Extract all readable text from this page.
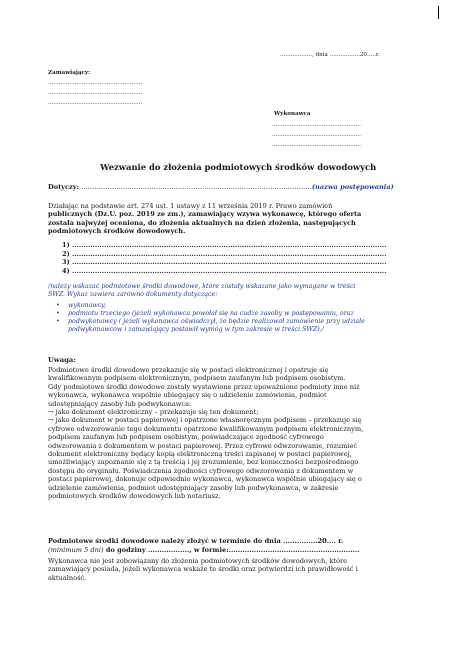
.................., dnia .................20.....r.
Zamawiający:
.....................................................
.....................................................
.....................................................
Wykonawca
..................................................
..................................................
..................................................
Wezwanie do złożenia podmiotowych środków dowodowych
Dotyczy: ……………………………………………………………………………………………(nazwa postępowania)
Działając na podstawie art. 274 ust. 1 ustawy z 11 września 2019 r. Prawo zamówień
publicznych (Dz.U. poz. 2019 ze zm.), zamawiający wzywa wykonawcę, którego oferta
została najwyżej oceniona, do złożenia aktualnych na dzień złożenia, następujących
podmiotowych środków dowodowych.
1) .........................................................................................................................................
2) .........................................................................................................................................
3) .........................................................................................................................................
4) .........................................................................................................................................
/należy wskazać podmiotowe środki dowodowe, które zostały wskazane jako wymagane w treści
SWZ. Wykaz zawiera zarówno dokumenty dotyczące:
• wykonawcy,
• podmiotu trzeciego (jeżeli wykonawca powołał się na cudze zasoby w postępowaniu, oraz
• podwykonawcy ( jeżeli wykonawca oświadczył, że będzie realizował zamówienie przy udziale
podwykonawców i zamawiający postawił wymóg w tym zakresie w treści SWZ)./
Uwaga:
Podmiotowe środki dowodowe przekazuje się w postaci elektronicznej i opatruje się
kwalifikowanym podpisem elektronicznym, podpisem zaufanym lub podpisem osobistym.
Gdy podmiotowe środki dowodowe zostały wystawione przez upoważnione podmioty inne niż
wykonawca, wykonawca wspólnie ubiegający się o udzielenie zamówienia, podmiot
udostępniający zasoby lub podwykonawca:
→ jako dokument elektroniczny – przekazuje się ten dokument;
→ jako dokument w postaci papierowej i opatrzone własnoręcznym podpisem – przekazuje się
cyfrowe odwzorowanie tego dokumentu opatrzone kwalifikowanym podpisem elektronicznym,
podpisem zaufanym lub podpisem osobistym, poświadczające zgodność cyfrowego
odwzorowania z dokumentem w postaci papierowej. Przez cyfrowe odwzorowanie, rozumieć
dokument elektroniczny będący kopią elektroniczną treści zapisanej w postaci papierowej,
umożliwiający zapoznanie się z tą treścią i jej zrozumienie, bez konieczności bezpośredniego
dostępu do oryginału. Poświadczenia zgodności cyfrowego odwzorowania z dokumentem w
postaci papierowej, dokonuje odpowiednio wykonawca, wykonawca wspólnie ubiegający się o
udzielenie zamówienia, podmiot udostępniający zasoby lub podwykonawca, w zakresie
podmiotowych środków dowodowych lub notariusz.
Podmiotowe środki dowodowe należy złożyć w terminie do dnia ...............20.... r.
(minimum 5 dni) do godziny .................., w formie:.........................................................
Wykonawca nie jest zobowiązany do złożenia podmiotowych środków dowodowych, które
zamawiający posiada, jeżeli wykonawca wskaże te środki oraz potwierdzi ich prawidłowość i
aktualność.
